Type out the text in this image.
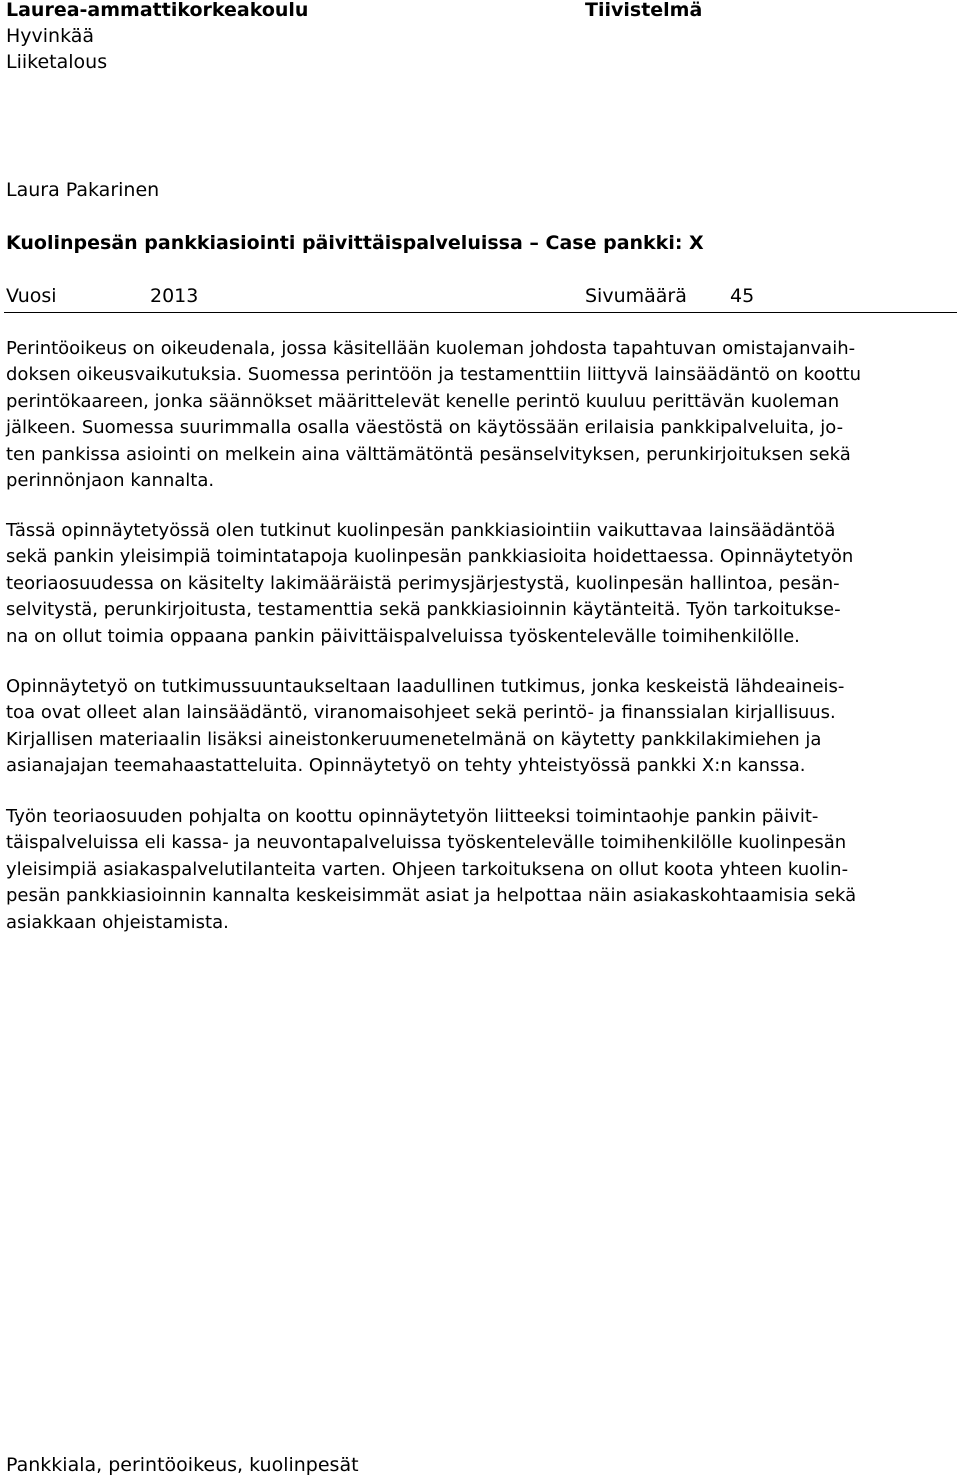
Laurea-ammattikorkeakoulu
Hyvinkää
Liiketalous
Tiivistelmä
Laura Pakarinen
Kuolinpesän pankkiasiointi päivittäispalveluissa – Case pankki: X
Vuosi	2013	Sivumäärä 45
Perintöoikeus on oikeudenala, jossa käsitellään kuoleman johdosta tapahtuvan omistajanvaih-
doksen oikeusvaikutuksia. Suomessa perintöön ja testamenttiin liittyvä lainsäädäntö on koottu
perintökaareen, jonka säännökset määrittelevät kenelle perintö kuuluu perittävän kuoleman
jälkeen. Suomessa suurimmalla osalla väestöstä on käytössään erilaisia pankkipalveluita, jo-
ten pankissa asiointi on melkein aina välttämätöntä pesänselvityksen, perunkirjoituksen sekä
perinnönjaon kannalta.
Tässä opinnäytetyössä olen tutkinut kuolinpesän pankkiasiointiin vaikuttavaa lainsäädäntöä
sekä pankin yleisimpiä toimintatapoja kuolinpesän pankkiasioita hoidettaessa. Opinnäytetyön
teoriaosuudessa on käsitelty lakimääräistä perimysjärjestystä, kuolinpesän hallintoa, pesän-
selvitystä, perunkirjoitusta, testamenttia sekä pankkiasioinnin käytänteitä. Työn tarkoitukse-
na on ollut toimia oppaana pankin päivittäispalveluissa työskentelevälle toimihenkilölle.
Opinnäytetyö on tutkimussuuntaukseltaan laadullinen tutkimus, jonka keskeistä lähdeaineis-
toa ovat olleet alan lainsäädäntö, viranomaisohjeet sekä perintö- ja finanssialan kirjallisuus.
Kirjallisen materiaalin lisäksi aineistonkeruumenetelmänä on käytetty pankkilakimiehen ja
asianajajan teemahaastatteluita. Opinnäytetyö on tehty yhteistyössä pankki X:n kanssa.
Työn teoriaosuuden pohjalta on koottu opinnäytetyön liitteeksi toimintaohje pankin päivit-
täispalveluissa eli kassa- ja neuvontapalveluissa työskentelevälle toimihenkilölle kuolinpesän
yleisimpiä asiakaspalvelutilanteita varten. Ohjeen tarkoituksena on ollut koota yhteen kuolin-
pesän pankkiasioinnin kannalta keskeisimmät asiat ja helpottaa näin asiakaskohtaamisia sekä
asiakkaan ohjeistamista.
Pankkiala, perintöoikeus, kuolinpesät
